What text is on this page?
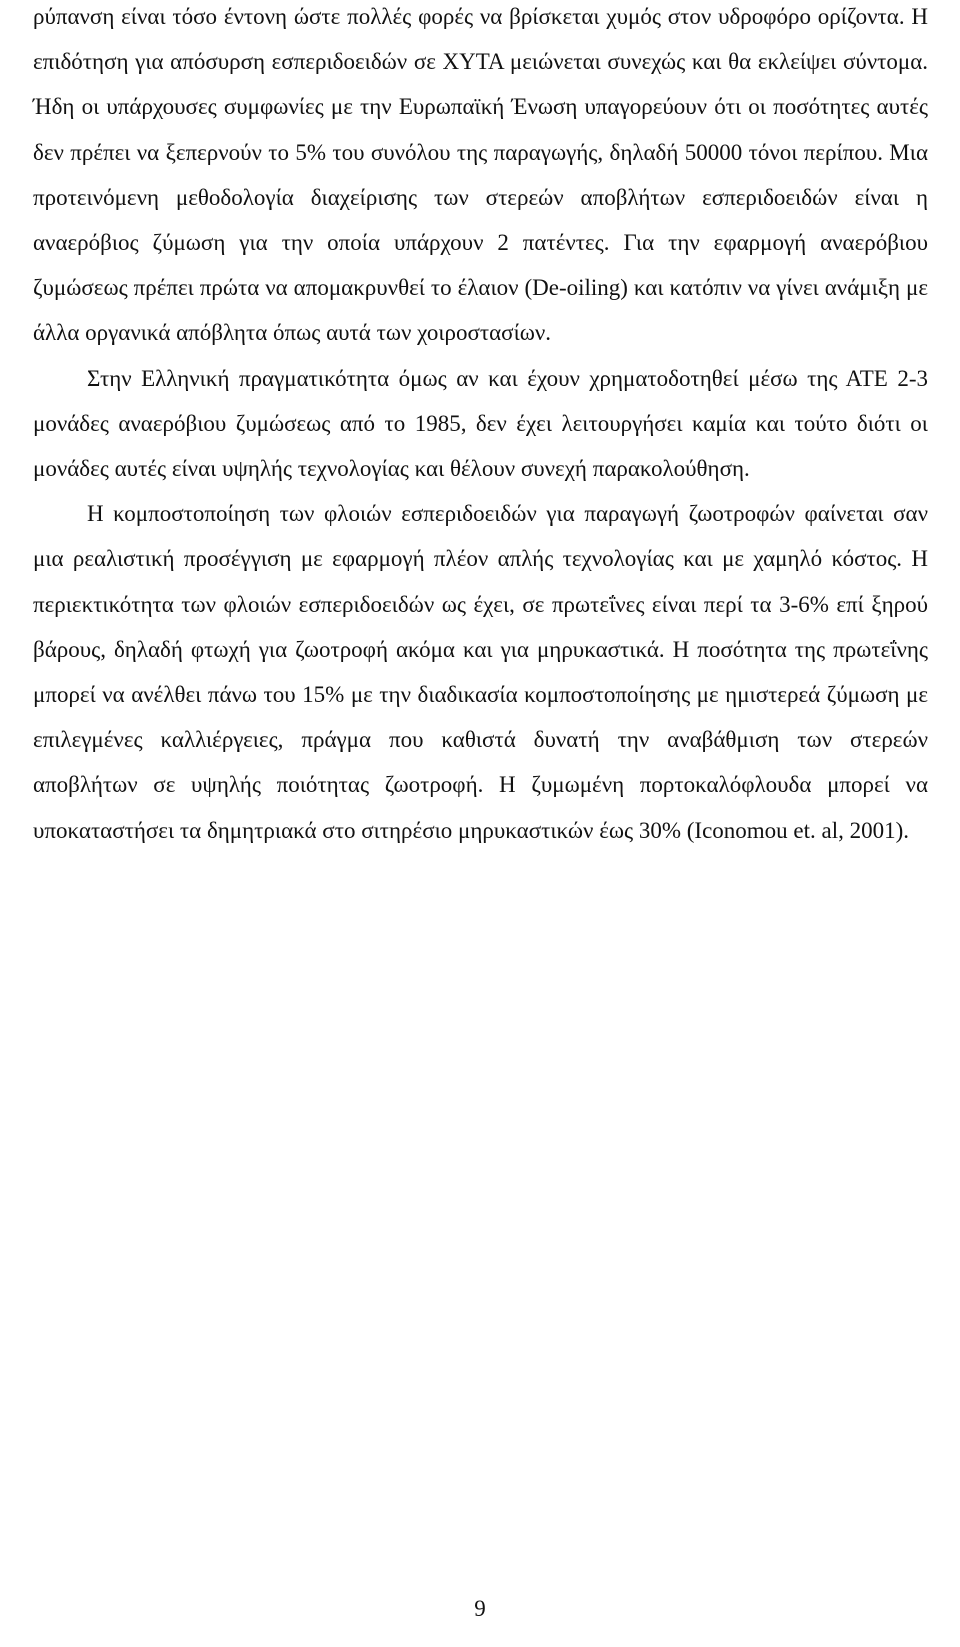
ρύπανση είναι τόσο έντονη ώστε πολλές φορές να βρίσκεται χυμός στον υδροφόρο ορίζοντα. Η επιδότηση για απόσυρση εσπεριδοειδών σε ΧΥΤΑ μειώνεται συνεχώς και θα εκλείψει σύντομα. Ήδη οι υπάρχουσες συμφωνίες με την Ευρωπαϊκή Ένωση υπαγορεύουν ότι οι ποσότητες αυτές δεν πρέπει να ξεπερνούν το 5% του συνόλου της παραγωγής, δηλαδή 50000 τόνοι περίπου. Μια προτεινόμενη μεθοδολογία διαχείρισης των στερεών αποβλήτων εσπεριδοειδών είναι η αναερόβιος ζύμωση για την οποία υπάρχουν 2 πατέντες. Για την εφαρμογή αναερόβιου ζυμώσεως πρέπει πρώτα να απομακρυνθεί το έλαιον (De-oiling) και κατόπιν να γίνει ανάμιξη με άλλα οργανικά απόβλητα όπως αυτά των χοιροστασίων.

Στην Ελληνική πραγματικότητα όμως αν και έχουν χρηματοδοτηθεί μέσω της ΑΤΕ 2-3 μονάδες αναερόβιου ζυμώσεως από το 1985, δεν έχει λειτουργήσει καμία και τούτο διότι οι μονάδες αυτές είναι υψηλής τεχνολογίας και θέλουν συνεχή παρακολούθηση.

Η κομποστοποίηση των φλοιών εσπεριδοειδών για παραγωγή ζωοτροφών φαίνεται σαν μια ρεαλιστική προσέγγιση με εφαρμογή πλέον απλής τεχνολογίας και με χαμηλό κόστος. Η περιεκτικότητα των φλοιών εσπεριδοειδών ως έχει, σε πρωτεΐνες είναι περί τα 3-6% επί ξηρού βάρους, δηλαδή φτωχή για ζωοτροφή ακόμα και για μηρυκαστικά. Η ποσότητα της πρωτεΐνης μπορεί να ανέλθει πάνω του 15% με την διαδικασία κομποστοποίησης με ημιστερεά ζύμωση με επιλεγμένες καλλιέργειες, πράγμα που καθιστά δυνατή την αναβάθμιση των στερεών αποβλήτων σε υψηλής ποιότητας ζωοτροφή. Η ζυμωμένη πορτοκαλόφλουδα μπορεί να υποκαταστήσει τα δημητριακά στο σιτηρέσιο μηρυκαστικών έως 30% (Iconomou et. al, 2001).

9
